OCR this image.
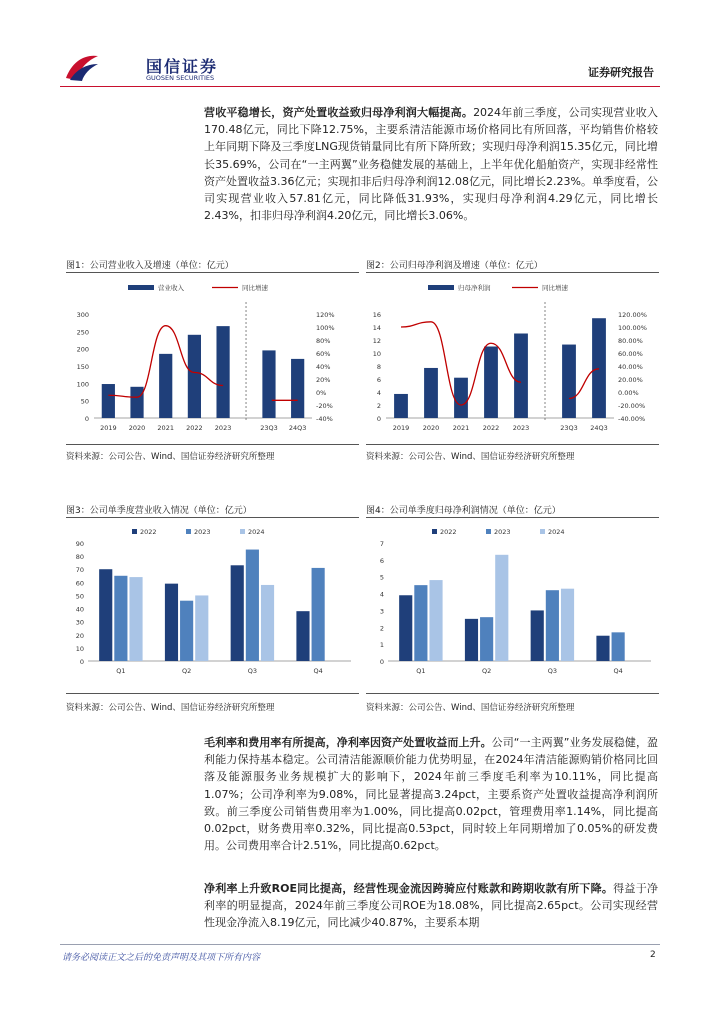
国信证券
GUOSEN SECURITIES	证券研究报告
营收平稳增长，资产处置收益致归母净利润大幅提高。2024年前三季度，公司实现营业收入170.48亿元，同比下降12.75%，主要系清洁能源市场价格同比有所回落，平均销售价格较上年同期下降及三季度LNG现货销量同比有所下降所致；实现归母净利润15.35亿元，同比增长35.69%，公司在“一主两翼”业务稳健发展的基础上，上半年优化船舶资产，实现非经常性资产处置收益3.36亿元；实现扣非后归母净利润12.08亿元，同比增长2.23%。单季度看，公司实现营业收入57.81亿元，同比降低31.93%，实现归母净利润4.29亿元，同比增长2.43%，扣非归母净利润4.20亿元，同比增长3.06%。
图1：公司营业收入及增速（单位：亿元）	图2：公司归母净利润及增速（单位：亿元）
0
50
100
150
200
250
300
-40%
-20%
0%
20%
40%
60%
80%
100%
120%
2019 2020 2021 2022 2023	23Q3 24Q3
营业收入	同比增速
0
2
4
6
8
10
12
14
16
-40.00%
-20.00%
0.00%
20.00%
40.00%
60.00%
80.00%
100.00%
120.00%
2019 2020 2021 2022 2023	23Q3 24Q3
归母净利润	同比增速
资料来源：公司公告、Wind、国信证券经济研究所整理	资料来源：公司公告、Wind、国信证券经济研究所整理
图3：公司单季度营业收入情况（单位：亿元）	图4：公司单季度归母净利润情况（单位：亿元）
0
10
20
30
40
50
60
70
80
90
Q1	Q2	Q3	Q4
2022	2023	2024
0
1
2
3
4
5
6
7
Q1	Q2	Q3	Q4
2022	2023	2024
资料来源：公司公告、Wind、国信证券经济研究所整理	资料来源：公司公告、Wind、国信证券经济研究所整理
毛利率和费用率有所提高，净利率因资产处置收益而上升。公司“一主两翼”业务发展稳健，盈利能力保持基本稳定。公司清洁能源顺价能力优势明显，在2024年清洁能源购销价格同比回落及能源服务业务规模扩大的影响下，2024年前三季度毛利率为10.11%，同比提高1.07%；公司净利率为9.08%，同比显著提高3.24pct，主要系资产处置收益提高净利润所致。前三季度公司销售费用率为1.00%，同比提高0.02pct，管理费用率1.14%，同比提高0.02pct，财务费用率0.32%，同比提高0.53pct，同时较上年同期增加了0.05%的研发费用。公司费用率合计2.51%，同比提高0.62pct。
净利率上升致ROE同比提高，经营性现金流因跨骑应付账款和跨期收款有所下降。得益于净利率的明显提高，2024年前三季度公司ROE为18.08%，同比提高2.65pct。公司实现经营性现金净流入8.19亿元，同比减少40.87%，主要系本期
请务必阅读正文之后的免责声明及其项下所有内容	2
